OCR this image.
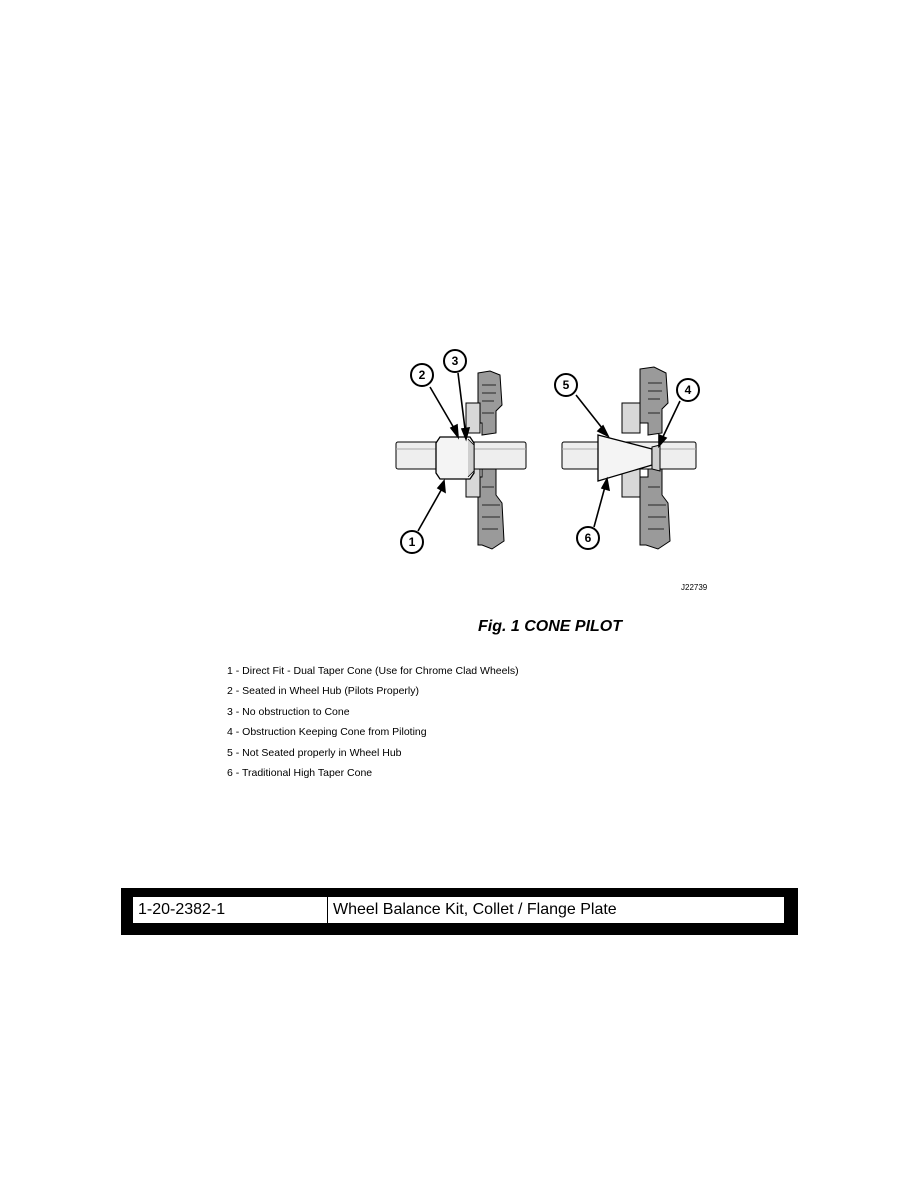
1
2
3
4
5
6
J22739
Fig. 1 CONE PILOT
1 - Direct Fit - Dual Taper Cone (Use for Chrome Clad Wheels)
2 - Seated in Wheel Hub (Pilots Properly)
3 - No obstruction to Cone
4 - Obstruction Keeping Cone from Piloting
5 - Not Seated properly in Wheel Hub
6 - Traditional High Taper Cone
1-20-2382-1	Wheel Balance Kit, Collet / Flange Plate
